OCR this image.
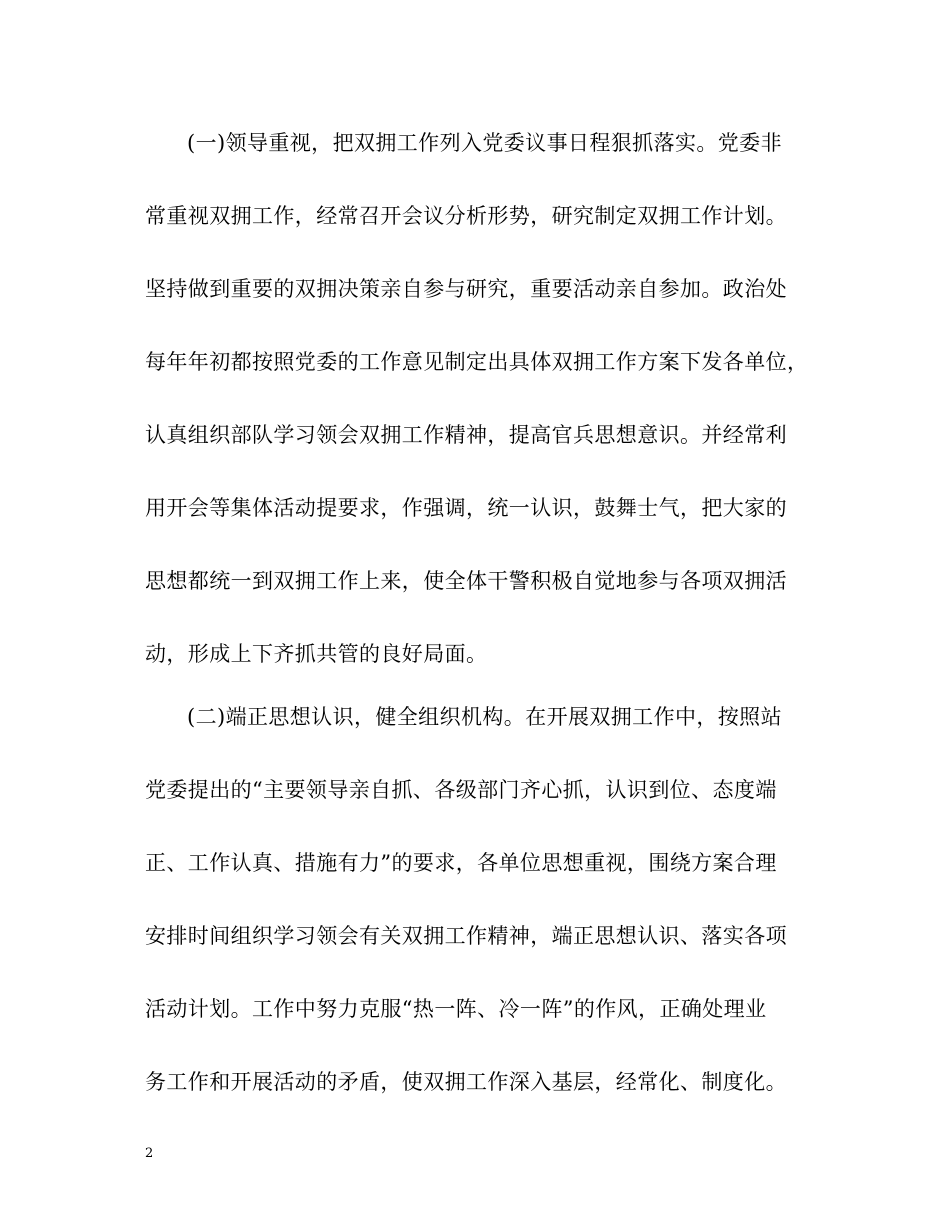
(一)领导重视，把双拥工作列入党委议事日程狠抓落实。党委非
常重视双拥工作，经常召开会议分析形势，研究制定双拥工作计划。
坚持做到重要的双拥决策亲自参与研究，重要活动亲自参加。政治处
每年年初都按照党委的工作意见制定出具体双拥工作方案下发各单位，
认真组织部队学习领会双拥工作精神，提高官兵思想意识。并经常利
用开会等集体活动提要求，作强调，统一认识，鼓舞士气，把大家的
思想都统一到双拥工作上来，使全体干警积极自觉地参与各项双拥活
动，形成上下齐抓共管的良好局面。
(二)端正思想认识，健全组织机构。在开展双拥工作中，按照站
党委提出的“主要领导亲自抓、各级部门齐心抓，认识到位、态度端
正、工作认真、措施有力”的要求，各单位思想重视，围绕方案合理
安排时间组织学习领会有关双拥工作精神，端正思想认识、落实各项
活动计划。工作中努力克服“热一阵、冷一阵”的作风，正确处理业
务工作和开展活动的矛盾，使双拥工作深入基层，经常化、制度化。
2
